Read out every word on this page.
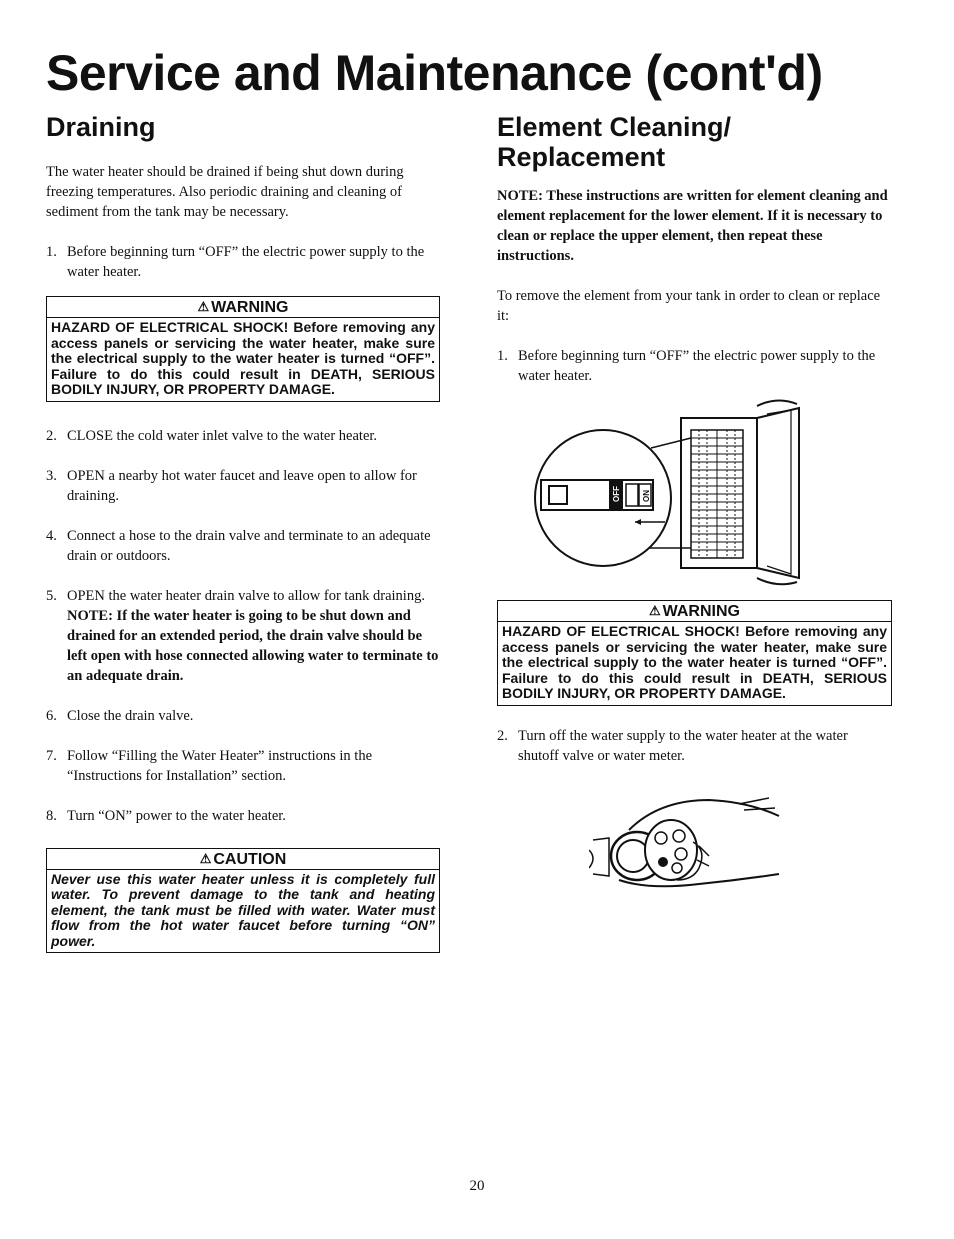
Service and Maintenance (cont'd)
Draining

The water heater should be drained if being shut down during freezing temperatures. Also periodic draining and cleaning of sediment from the tank may be necessary.

1. Before beginning turn “OFF” the electric power supply to the water heater.
⚠ WARNING
HAZARD OF ELECTRICAL SHOCK! Before removing any access panels or servicing the water heater, make sure the electrical supply to the water heater is turned “OFF”. Failure to do this could result in DEATH, SERIOUS BODILY INJURY, OR PROPERTY DAMAGE.
2. CLOSE the cold water inlet valve to the water heater.
3. OPEN a nearby hot water faucet and leave open to allow for draining.
4. Connect a hose to the drain valve and terminate to an adequate drain or outdoors.
5. OPEN the water heater drain valve to allow for tank draining.
NOTE: If the water heater is going to be shut down and drained for an extended period, the drain valve should be left open with hose connected allowing water to terminate to an adequate drain.
6. Close the drain valve.
7. Follow “Filling the Water Heater” instructions in the “Instructions for Installation” section.
8. Turn “ON” power to the water heater.
⚠ CAUTION
Never use this water heater unless it is completely full water. To prevent damage to the tank and heating element, the tank must be filled with water. Water must flow from the hot water faucet before turning “ON” power.
Element Cleaning/
Replacement

NOTE: These instructions are written for element cleaning and element replacement for the lower element. If it is necessary to clean or replace the upper element, then repeat these instructions.

To remove the element from your tank in order to clean or replace it:

1. Before beginning turn “OFF” the electric power supply to the water heater.
OFF	ON
⚠ WARNING
HAZARD OF ELECTRICAL SHOCK! Before removing any access panels or servicing the water heater, make sure the electrical supply to the water heater is turned “OFF”. Failure to do this could result in DEATH, SERIOUS BODILY INJURY, OR PROPERTY DAMAGE.
2. Turn off the water supply to the water heater at the water shutoff valve or water meter.
20
